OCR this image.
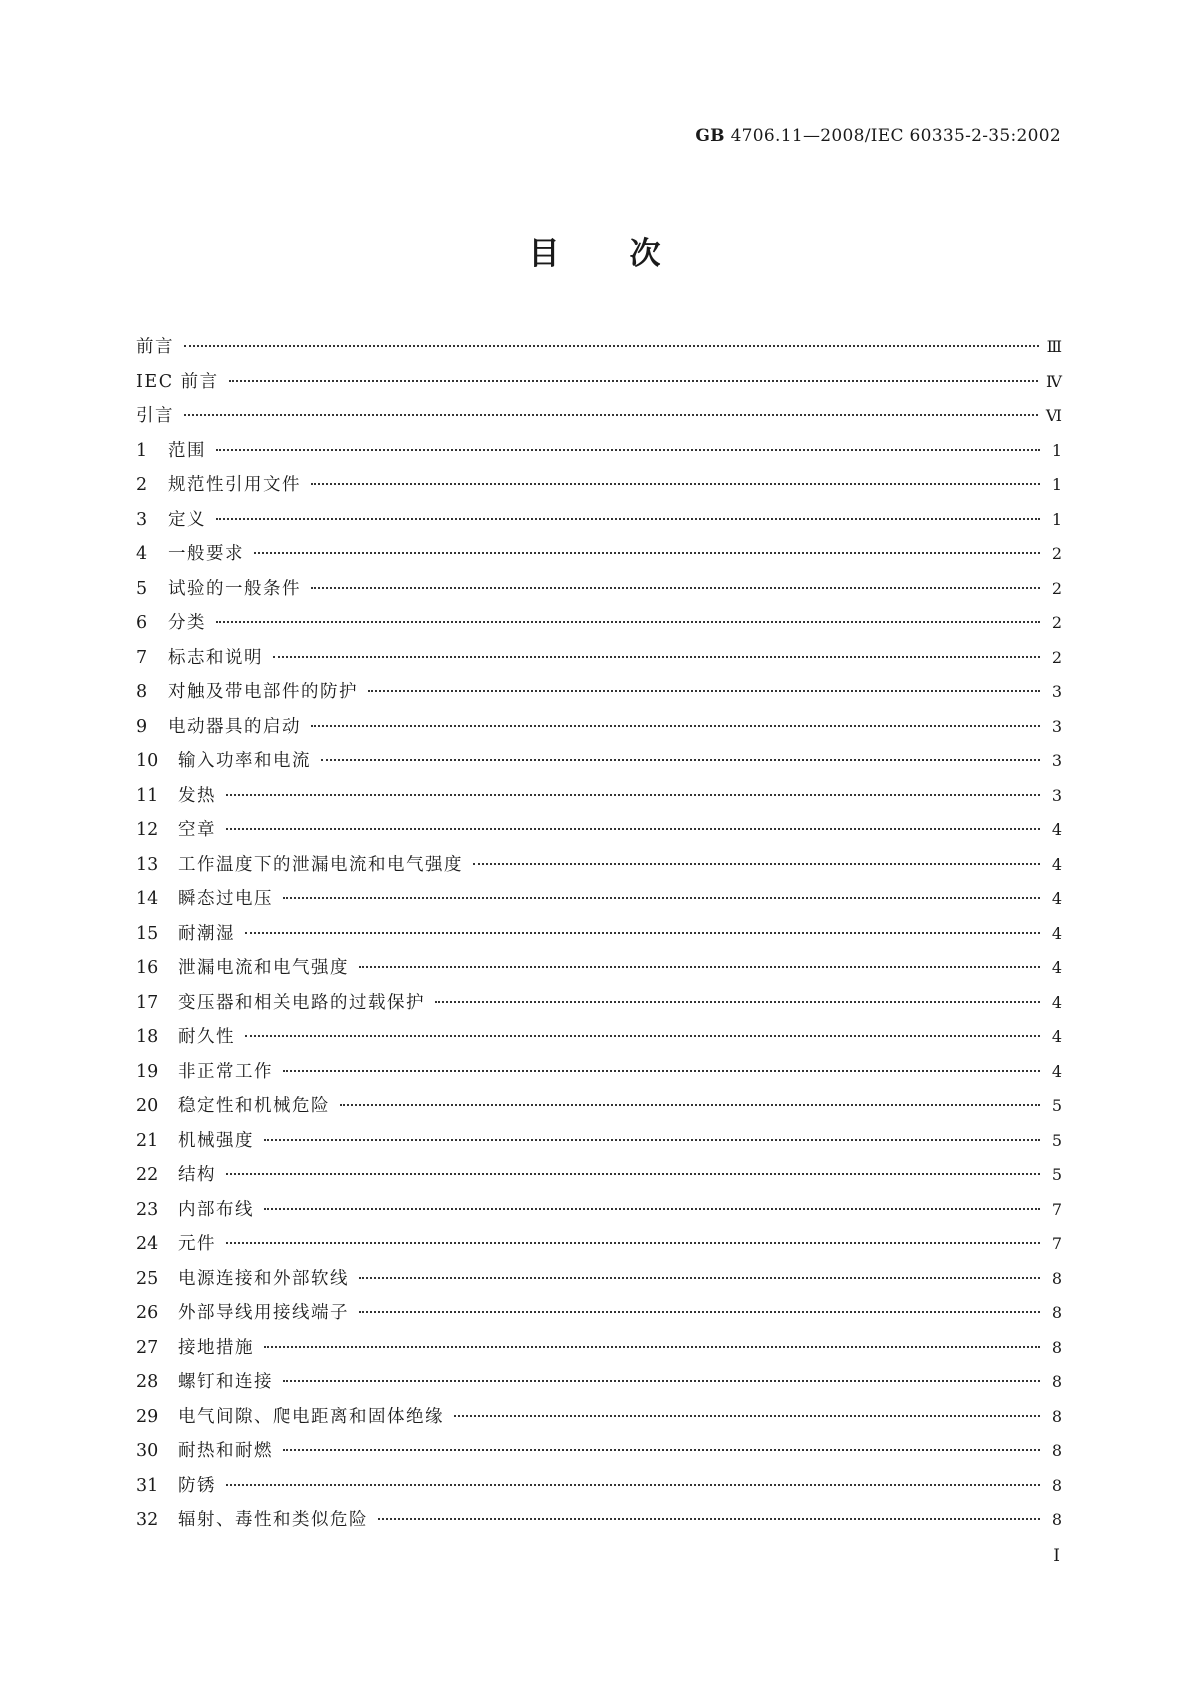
GB 4706.11—2008/IEC 60335-2-35:2002
目 次
前言	Ⅲ
IEC 前言	Ⅳ
引言	Ⅵ
1	范围	1
2	规范性引用文件	1
3	定义	1
4	一般要求	2
5	试验的一般条件	2
6	分类	2
7	标志和说明	2
8	对触及带电部件的防护	3
9	电动器具的启动	3
10	输入功率和电流	3
11	发热	3
12	空章	4
13	工作温度下的泄漏电流和电气强度	4
14	瞬态过电压	4
15	耐潮湿	4
16	泄漏电流和电气强度	4
17	变压器和相关电路的过载保护	4
18	耐久性	4
19	非正常工作	4
20	稳定性和机械危险	5
21	机械强度	5
22	结构	5
23	内部布线	7
24	元件	7
25	电源连接和外部软线	8
26	外部导线用接线端子	8
27	接地措施	8
28	螺钉和连接	8
29	电气间隙、爬电距离和固体绝缘	8
30	耐热和耐燃	8
31	防锈	8
32	辐射、毒性和类似危险	8
Ⅰ
